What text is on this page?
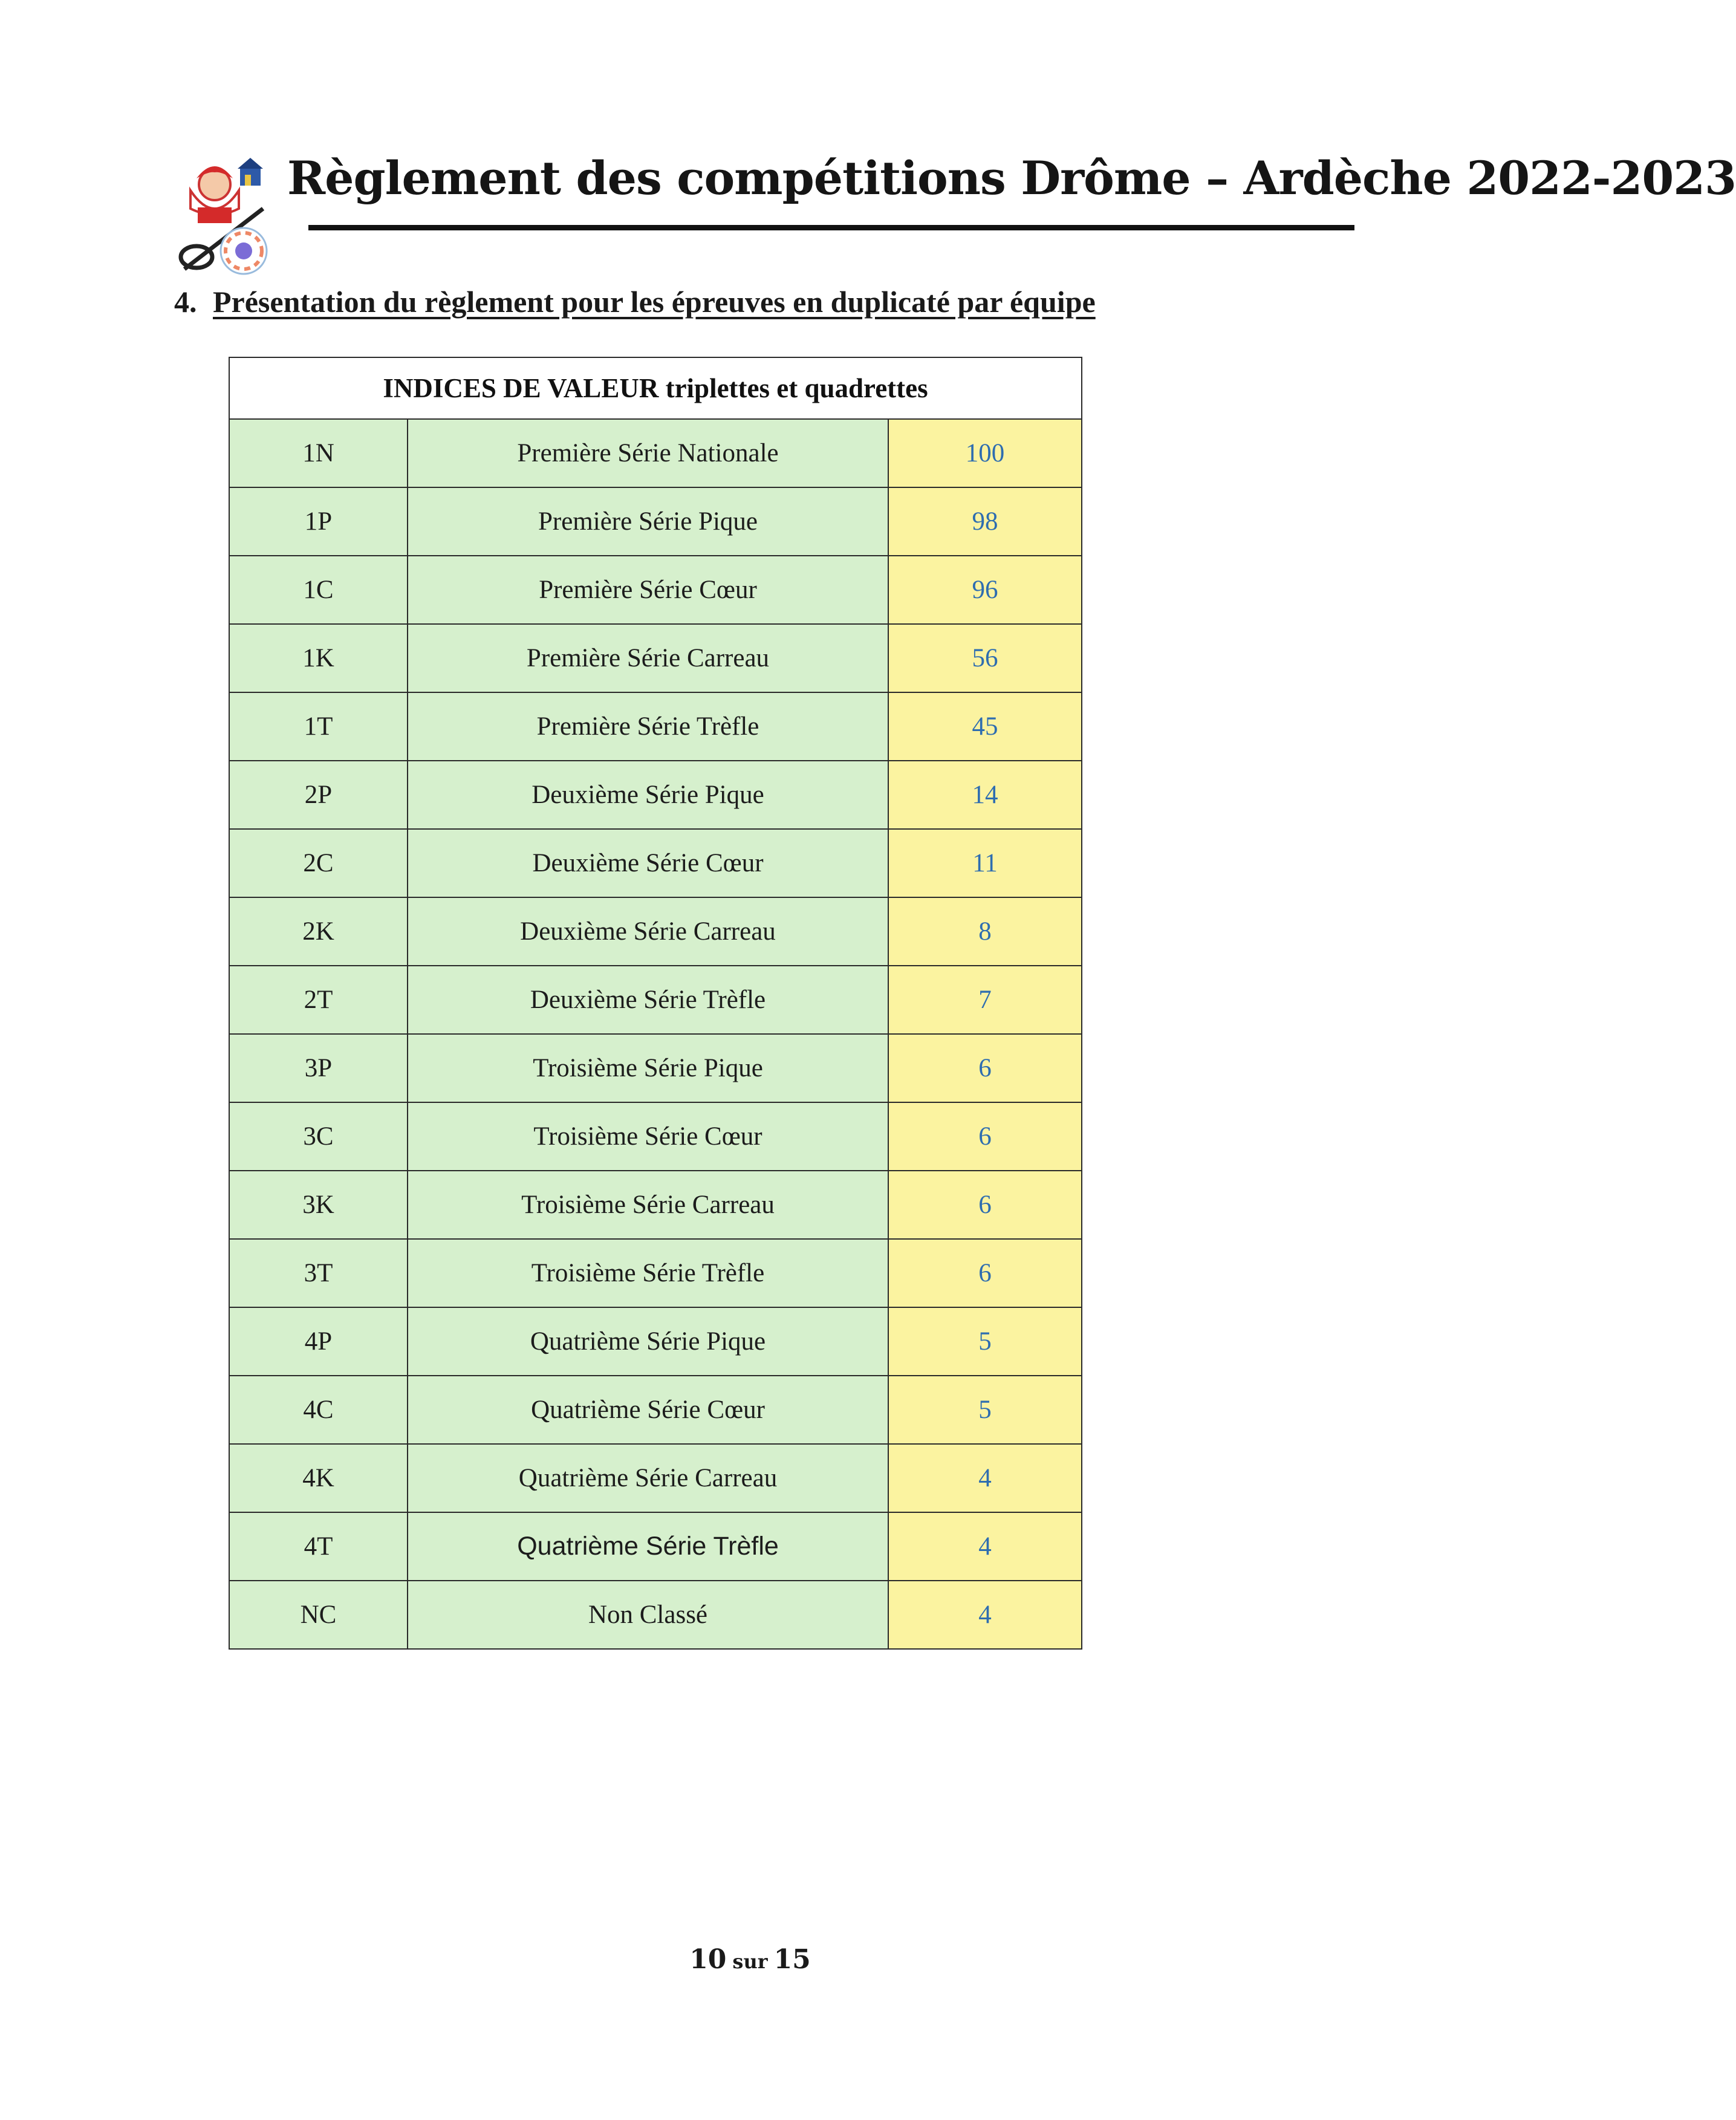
Règlement des compétitions Drôme – Ardèche 2022-2023
4. Présentation du règlement pour les épreuves en duplicaté par équipe
INDICES DE VALEUR triplettes et quadrettes		
1N	Première Série Nationale	100
1P	Première Série Pique	98
1C	Première Série Cœur	96
1K	Première Série Carreau	56
1T	Première Série Trèfle	45
2P	Deuxième Série Pique	14
2C	Deuxième Série Cœur	11
2K	Deuxième Série Carreau	8
2T	Deuxième Série Trèfle	7
3P	Troisième Série Pique	6
3C	Troisième Série Cœur	6
3K	Troisième Série Carreau	6
3T	Troisième Série Trèfle	6
4P	Quatrième Série Pique	5
4C	Quatrième Série Cœur	5
4K	Quatrième Série Carreau	4
4T	Quatrième Série Trèfle	4
NC	Non Classé	4
10 sur 15
